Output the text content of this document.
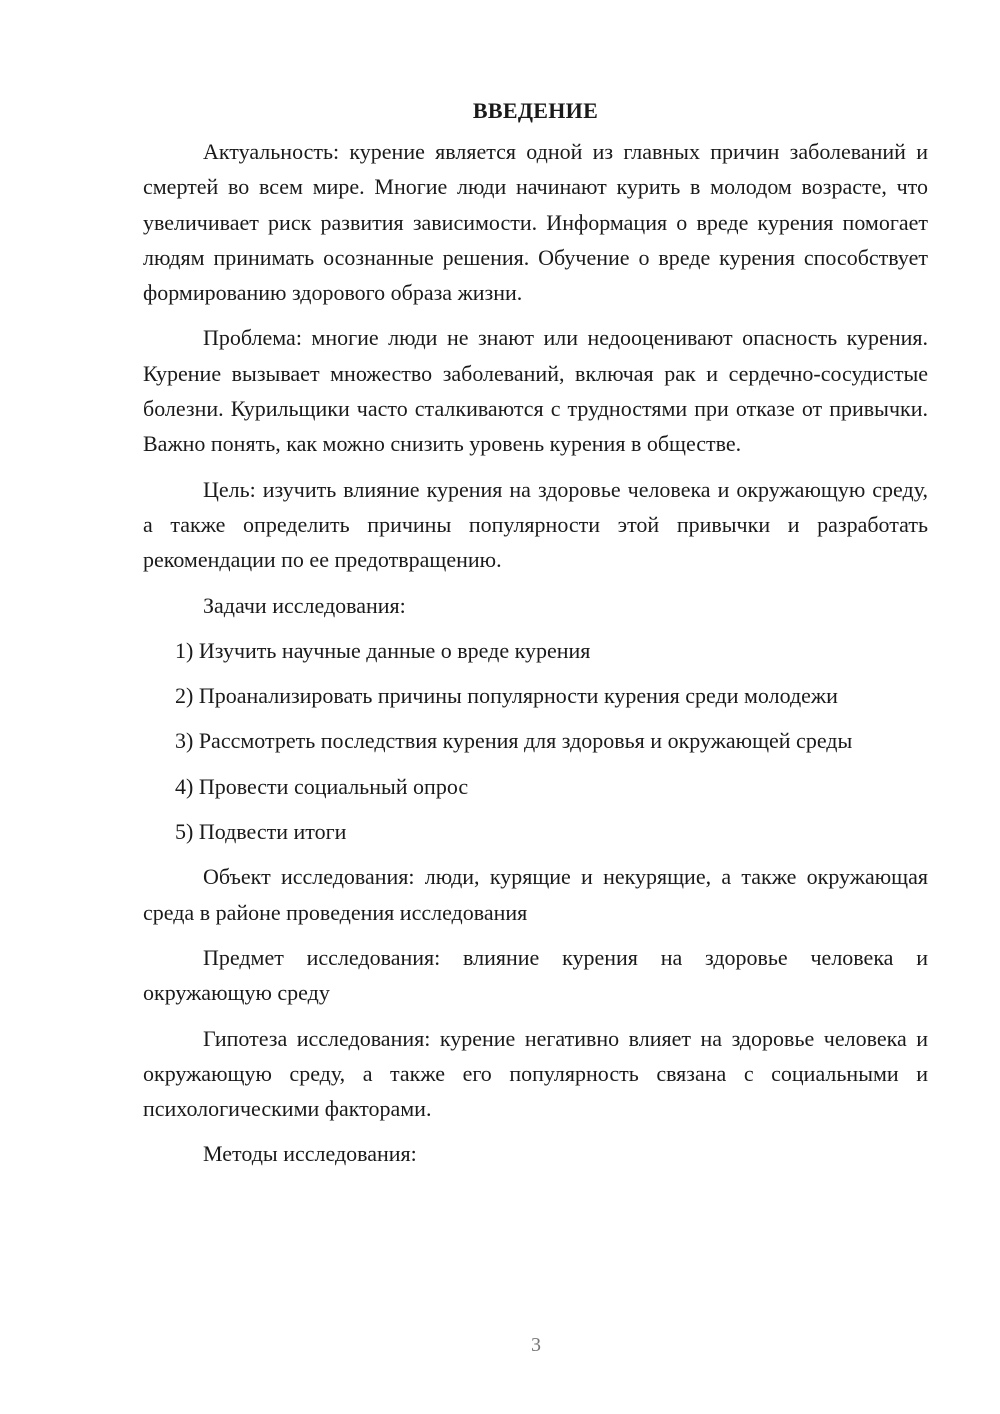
ВВЕДЕНИЕ

Актуальность: курение является одной из главных причин заболеваний и смертей во всем мире. Многие люди начинают курить в молодом возрасте, что увеличивает риск развития зависимости. Информация о вреде курения помогает людям принимать осознанные решения. Обучение о вреде курения способствует формированию здорового образа жизни.

Проблема: многие люди не знают или недооценивают опасность курения. Курение вызывает множество заболеваний, включая рак и сердечно-сосудистые болезни. Курильщики часто сталкиваются с трудностями при отказе от привычки. Важно понять, как можно снизить уровень курения в обществе.

Цель: изучить влияние курения на здоровье человека и окружающую среду, а также определить причины популярности этой привычки и разработать рекомендации по ее предотвращению.

Задачи исследования:

1) Изучить научные данные о вреде курения

2) Проанализировать причины популярности курения среди молодежи

3) Рассмотреть последствия курения для здоровья и окружающей среды

4) Провести социальный опрос

5) Подвести итоги

Объект исследования: люди, курящие и некурящие, а также окружающая среда в районе проведения исследования

Предмет исследования: влияние курения на здоровье человека и окружающую среду

Гипотеза исследования: курение негативно влияет на здоровье человека и окружающую среду, а также его популярность связана с социальными и психологическими факторами.

Методы исследования:

3
